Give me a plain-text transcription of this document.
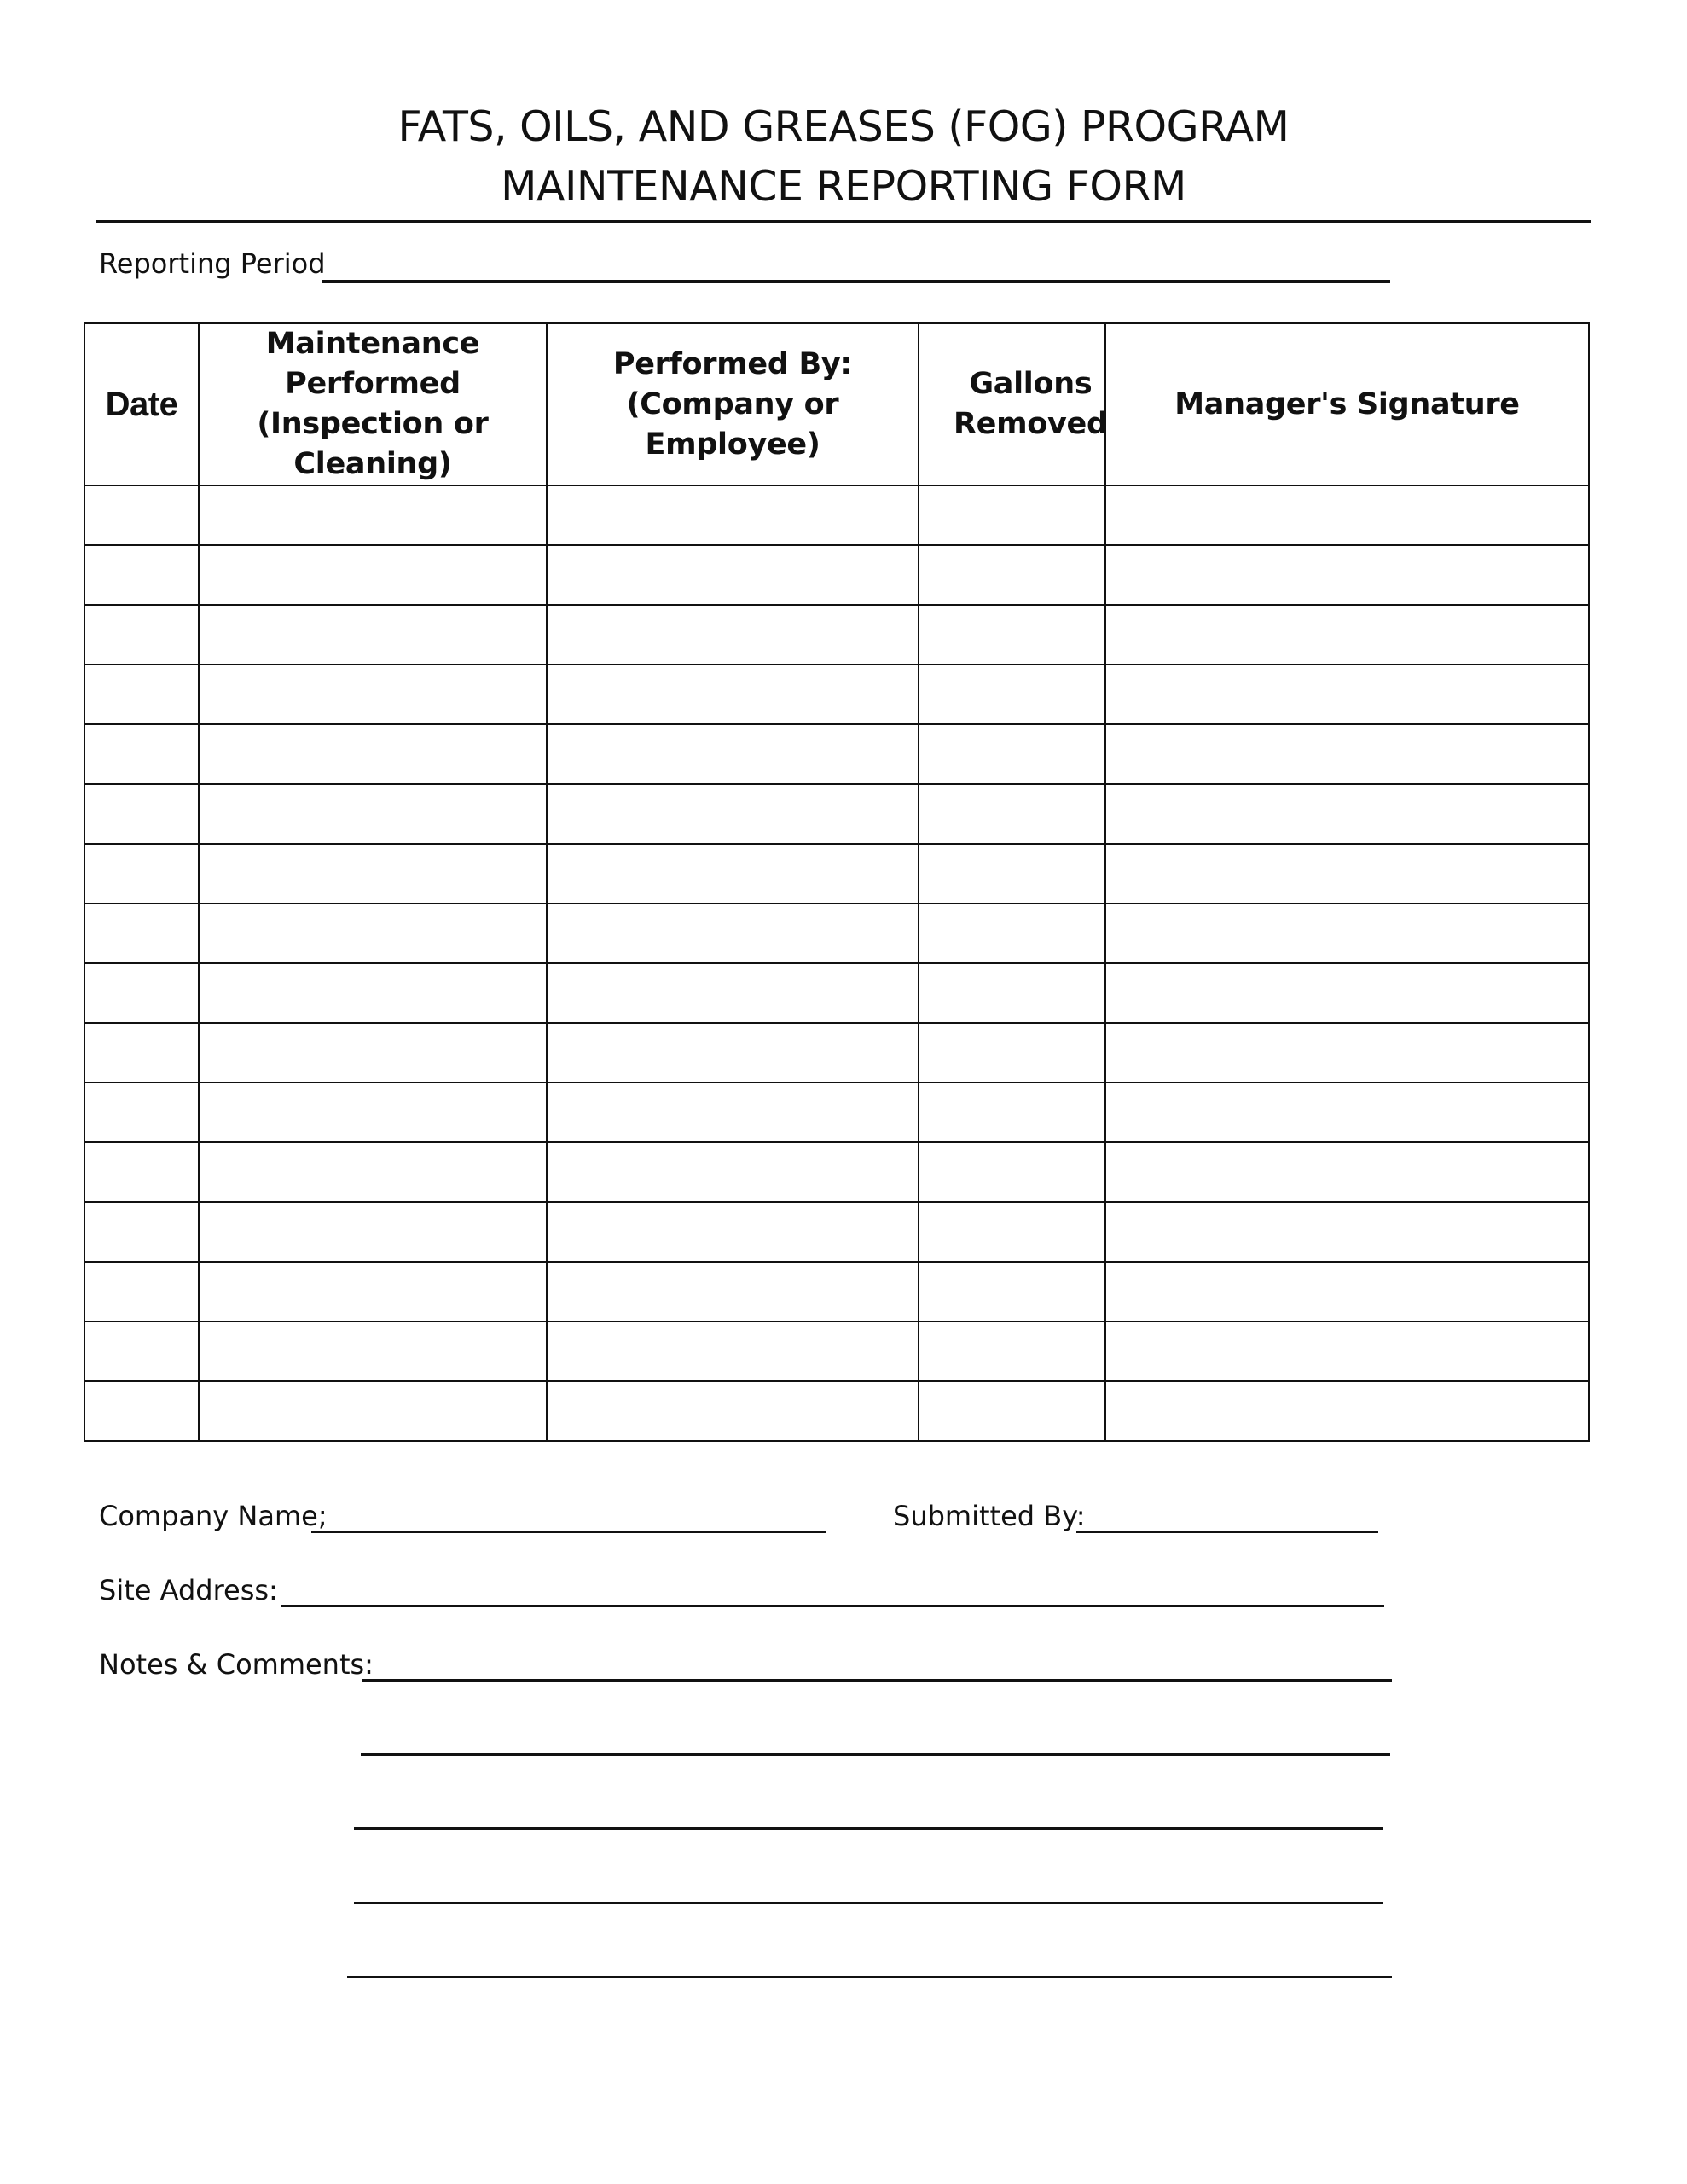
FATS, OILS, AND GREASES (FOG) PROGRAM
MAINTENANCE REPORTING FORM
Reporting Period
Date	Maintenance Performed (Inspection or Cleaning)	Performed By: (Company or Employee)	Gallons Removed	Manager's Signature

Company Name;	Submitted By:
Site Address:
Notes & Comments:
